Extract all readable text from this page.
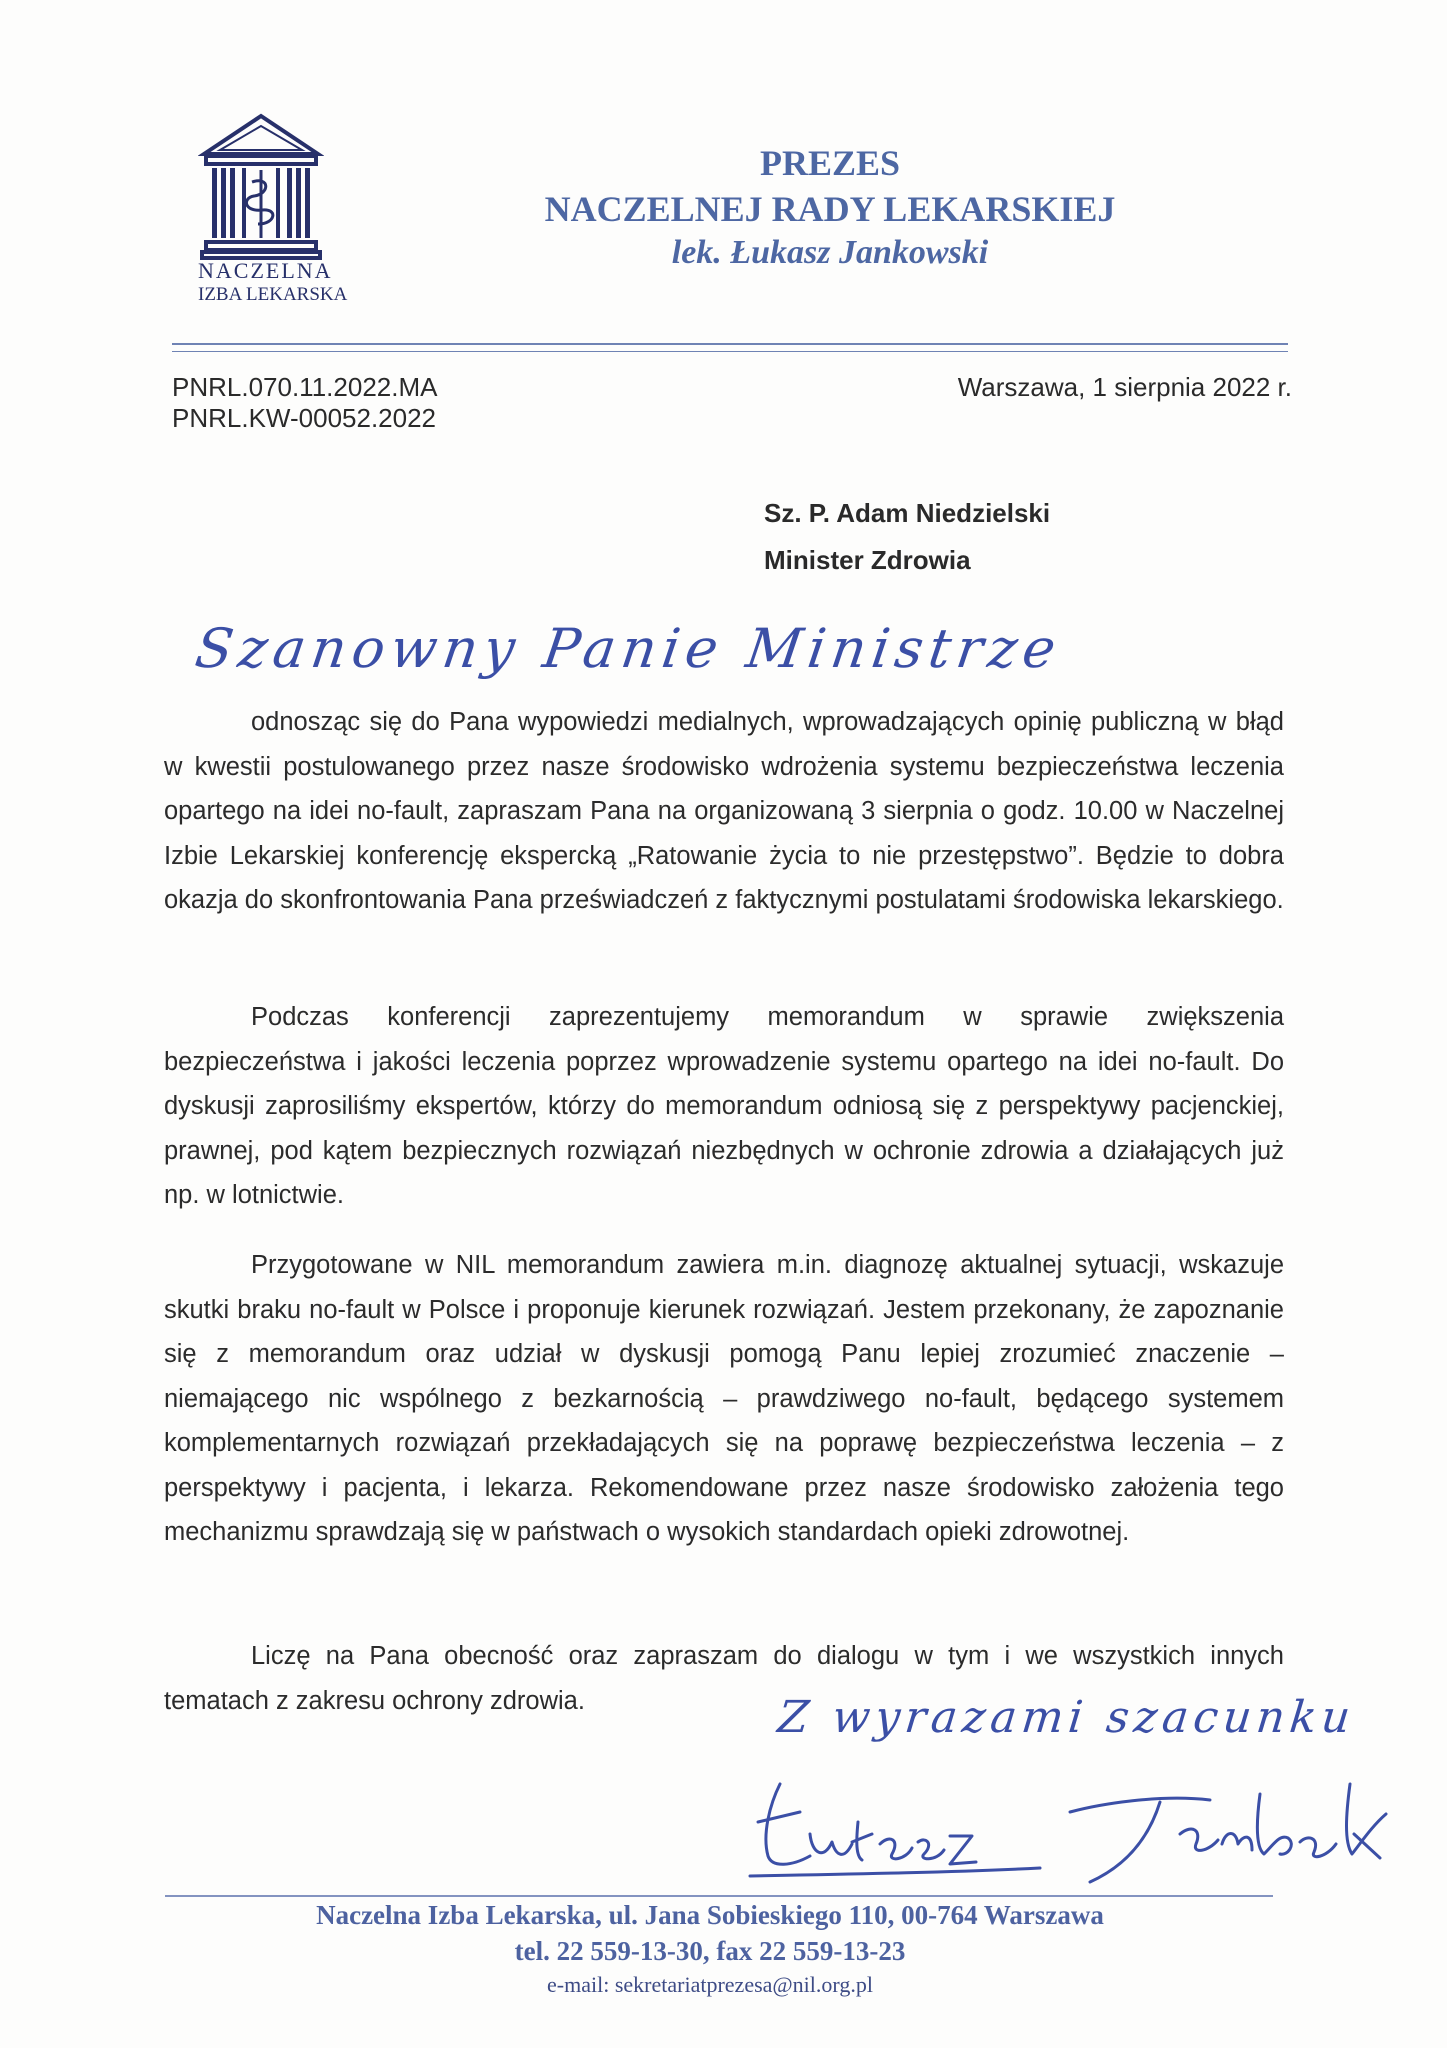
NACZELNA
IZBA LEKARSKA
PREZES
NACZELNEJ RADY LEKARSKIEJ
lek. Łukasz Jankowski
PNRL.070.11.2022.MA
PNRL.KW-00052.2022
Warszawa, 1 sierpnia 2022 r.
Sz. P. Adam Niedzielski
Minister Zdrowia
Szanowny Panie Ministrze

odnosząc się do Pana wypowiedzi medialnych, wprowadzających opinię publiczną w błąd w kwestii postulowanego przez nasze środowisko wdrożenia systemu bezpieczeństwa leczenia opartego na idei no-fault, zapraszam Pana na organizowaną 3 sierpnia o godz. 10.00 w Naczelnej Izbie Lekarskiej konferencję ekspercką „Ratowanie życia to nie przestępstwo”. Będzie to dobra okazja do skonfrontowania Pana przeświadczeń z faktycznymi postulatami środowiska lekarskiego.

Podczas konferencji zaprezentujemy memorandum w sprawie zwiększenia bezpieczeństwa i jakości leczenia poprzez wprowadzenie systemu opartego na idei no-fault. Do dyskusji zaprosiliśmy ekspertów, którzy do memorandum odniosą się z perspektywy pacjenckiej, prawnej, pod kątem bezpiecznych rozwiązań niezbędnych w ochronie zdrowia a działających już np. w lotnictwie.

Przygotowane w NIL memorandum zawiera m.in. diagnozę aktualnej sytuacji, wskazuje skutki braku no-fault w Polsce i proponuje kierunek rozwiązań. Jestem przekonany, że zapoznanie się z memorandum oraz udział w dyskusji pomogą Panu lepiej zrozumieć znaczenie – niemającego nic wspólnego z bezkarnością – prawdziwego no-fault, będącego systemem komplementarnych rozwiązań przekładających się na poprawę bezpieczeństwa leczenia – z perspektywy i pacjenta, i lekarza. Rekomendowane przez nasze środowisko założenia tego mechanizmu sprawdzają się w państwach o wysokich standardach opieki zdrowotnej.

Liczę na Pana obecność oraz zapraszam do dialogu w tym i we wszystkich innych tematach z zakresu ochrony zdrowia.	Z wyrazami szacunku
Naczelna Izba Lekarska, ul. Jana Sobieskiego 110, 00-764 Warszawa
tel. 22 559-13-30, fax 22 559-13-23
e-mail: sekretariatprezesa@nil.org.pl
